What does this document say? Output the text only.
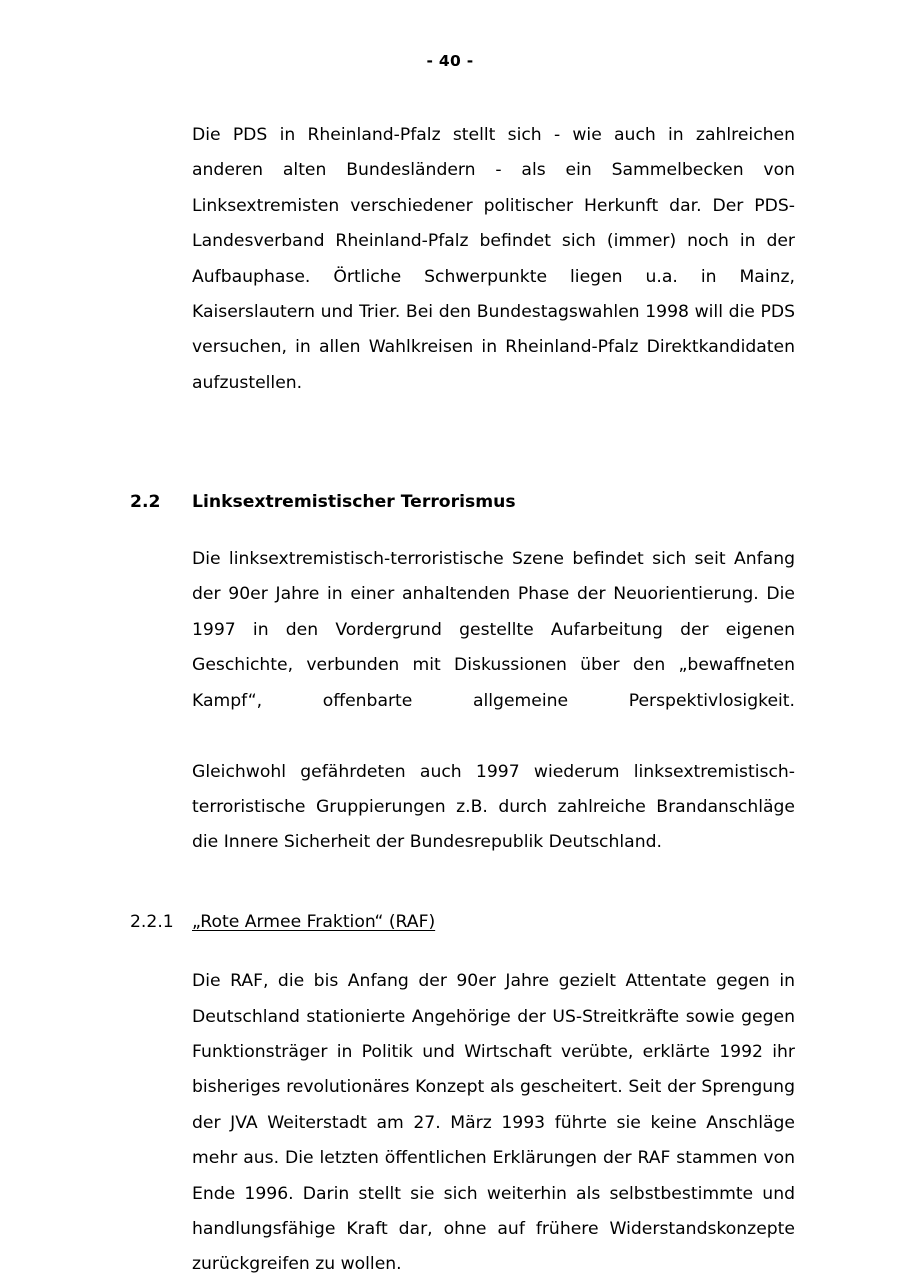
- 40 -

Die PDS in Rheinland-Pfalz stellt sich - wie auch in zahlreichen anderen alten Bundesländern - als ein Sammelbecken von Linksextremisten verschiedener politischer Herkunft dar. Der PDS-Landesverband Rheinland-Pfalz befindet sich (immer) noch in der Aufbauphase. Örtliche Schwerpunkte liegen u.a. in Mainz, Kaiserslautern und Trier. Bei den Bundestagswahlen 1998 will die PDS versuchen, in allen Wahlkreisen in Rheinland-Pfalz Direktkandidaten aufzustellen.

2.2	Linksextremistischer Terrorismus

Die linksextremistisch-terroristische Szene befindet sich seit Anfang der 90er Jahre in einer anhaltenden Phase der Neuorientierung. Die 1997 in den Vordergrund gestellte Aufarbeitung der eigenen Geschichte, verbunden mit Diskussionen über den „bewaffneten Kampf“, offenbarte allgemeine Perspektivlosigkeit.

Gleichwohl gefährdeten auch 1997 wiederum linksextremistisch-terroristische Gruppierungen z.B. durch zahlreiche Brandanschläge die Innere Sicherheit der Bundesrepublik Deutschland.

2.2.1	„Rote Armee Fraktion“ (RAF)

Die RAF, die bis Anfang der 90er Jahre gezielt Attentate gegen in Deutschland stationierte Angehörige der US-Streitkräfte sowie gegen Funktionsträger in Politik und Wirtschaft verübte, erklärte 1992 ihr bisheriges revolutionäres Konzept als gescheitert. Seit der Sprengung der JVA Weiterstadt am 27. März 1993 führte sie keine Anschläge mehr aus. Die letzten öffentlichen Erklärungen der RAF stammen von Ende 1996. Darin stellt sie sich weiterhin als selbstbestimmte und handlungsfähige Kraft dar, ohne auf frühere Widerstandskonzepte zurückgreifen zu wollen.
